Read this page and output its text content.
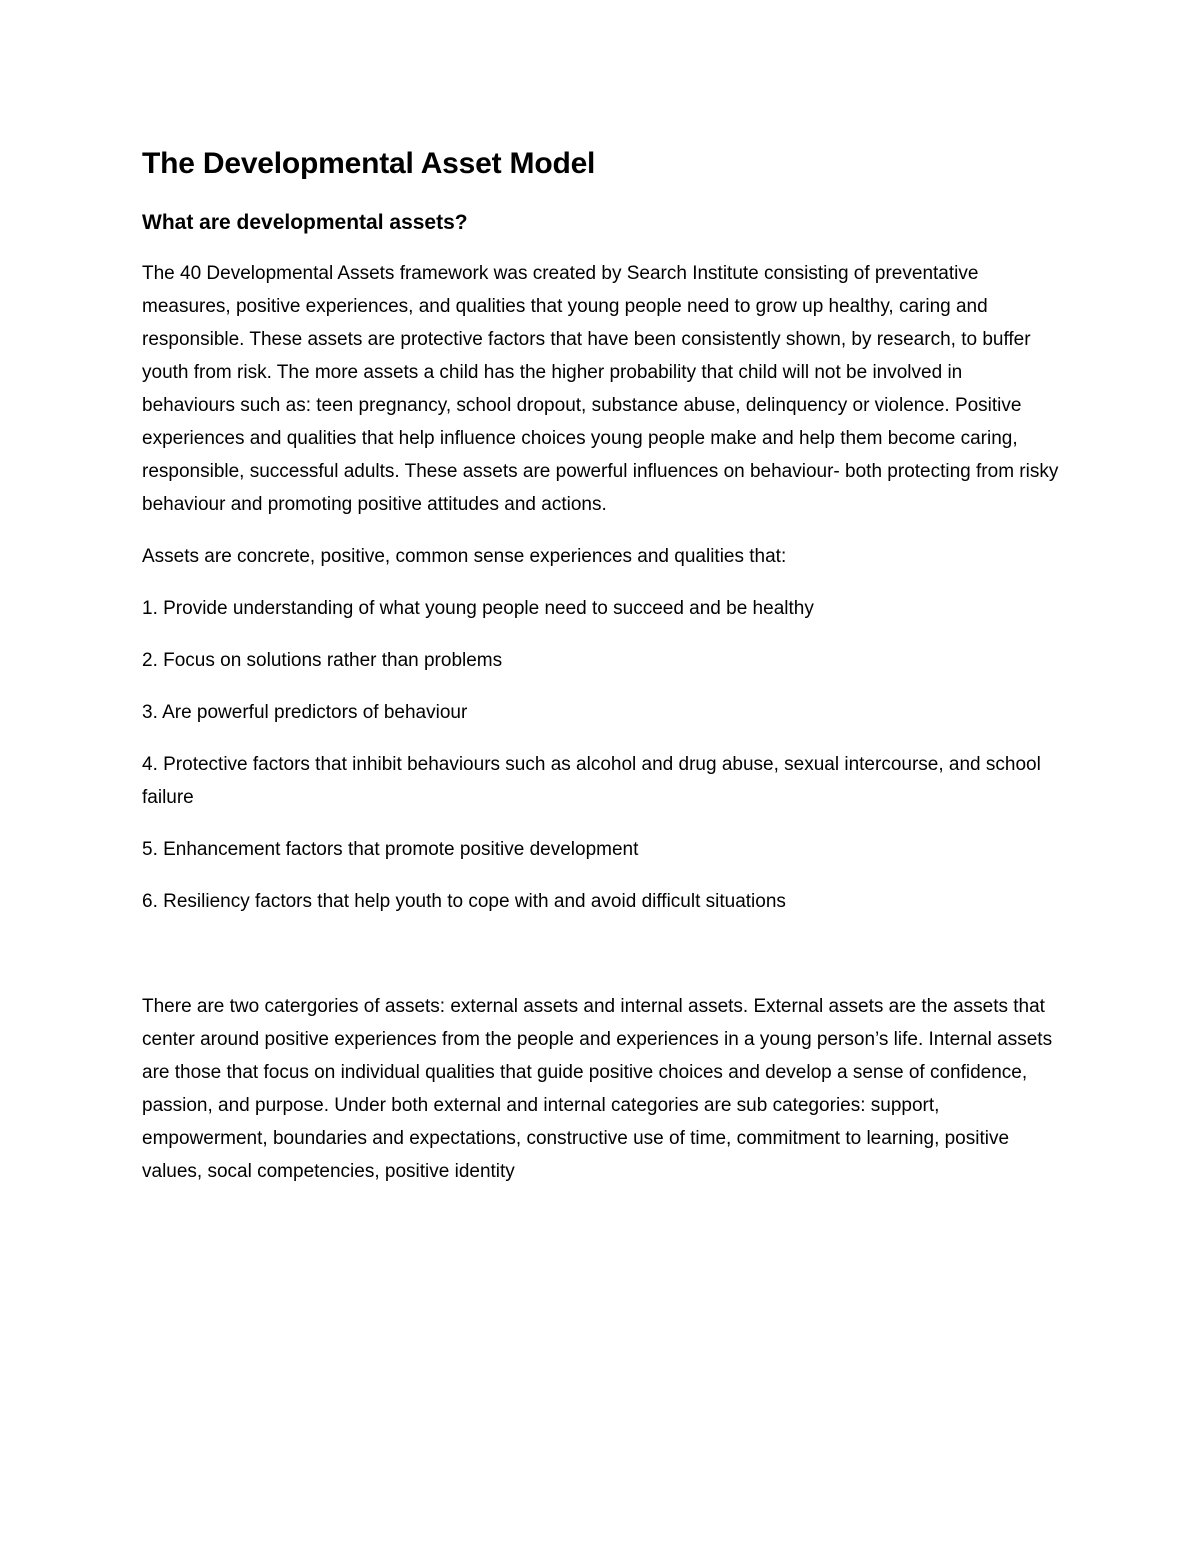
The Developmental Asset Model
What are developmental assets?

The 40 Developmental Assets framework was created by Search Institute consisting of preventative measures, positive experiences, and qualities that young people need to grow up healthy, caring and responsible. These assets are protective factors that have been consistently shown, by research, to buffer youth from risk. The more assets a child has the higher probability that child will not be involved in behaviours such as: teen pregnancy, school dropout, substance abuse, delinquency or violence. Positive experiences and qualities that help influence choices young people make and help them become caring, responsible, successful adults. These assets are powerful influences on behaviour- both protecting from risky behaviour and promoting positive attitudes and actions.

Assets are concrete, positive, common sense experiences and qualities that:

1. Provide understanding of what young people need to succeed and be healthy
2. Focus on solutions rather than problems
3. Are powerful predictors of behaviour
4. Protective factors that inhibit behaviours such as alcohol and drug abuse, sexual intercourse, and school failure
5. Enhancement factors that promote positive development
6. Resiliency factors that help youth to cope with and avoid difficult situations

There are two catergories of assets: external assets and internal assets. External assets are the assets that center around positive experiences from the people and experiences in a young person’s life. Internal assets are those that focus on individual qualities that guide positive choices and develop a sense of confidence, passion, and purpose. Under both external and internal categories are sub categories: support, empowerment, boundaries and expectations, constructive use of time, commitment to learning, positive values, socal competencies, positive identity
